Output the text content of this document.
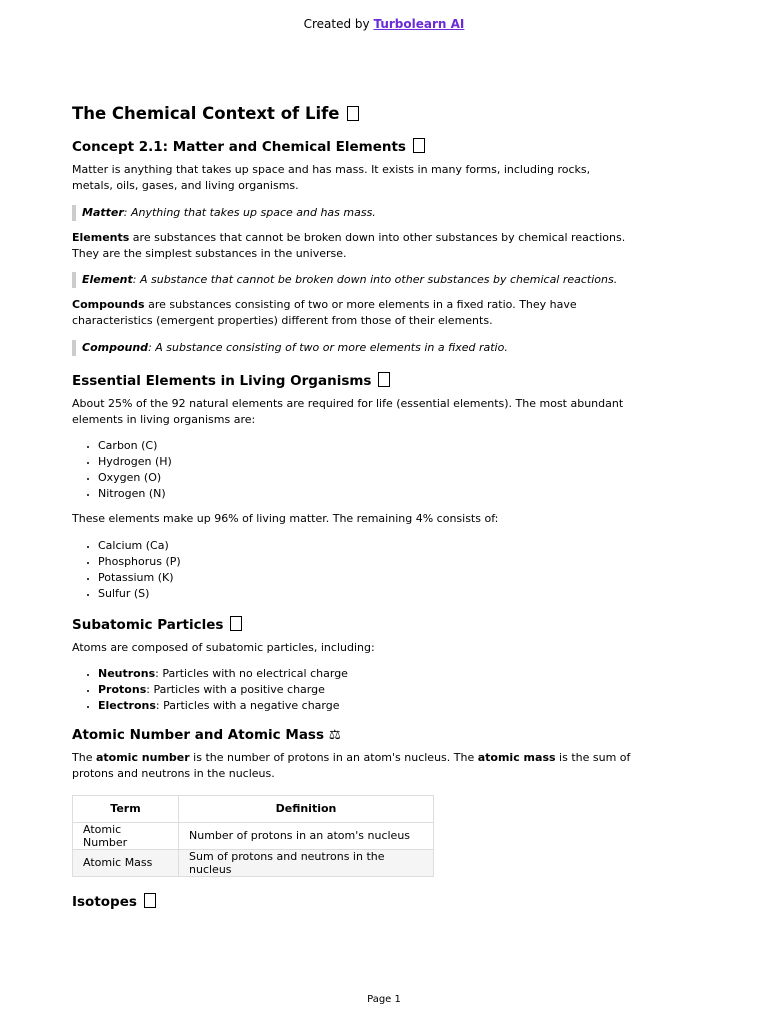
Created by Turbolearn AI
The Chemical Context of Life
Concept 2.1: Matter and Chemical Elements

Matter is anything that takes up space and has mass. It exists in many forms, including rocks, metals, oils, gases, and living organisms.

Matter: Anything that takes up space and has mass.

Elements are substances that cannot be broken down into other substances by chemical reactions. They are the simplest substances in the universe.

Element: A substance that cannot be broken down into other substances by chemical reactions.

Compounds are substances consisting of two or more elements in a fixed ratio. They have characteristics (emergent properties) different from those of their elements.

Compound: A substance consisting of two or more elements in a fixed ratio.
Essential Elements in Living Organisms

About 25% of the 92 natural elements are required for life (essential elements). The most abundant elements in living organisms are:

• Carbon (C)
• Hydrogen (H)
• Oxygen (O)
• Nitrogen (N)

These elements make up 96% of living matter. The remaining 4% consists of:

• Calcium (Ca)
• Phosphorus (P)
• Potassium (K)
• Sulfur (S)
Subatomic Particles

Atoms are composed of subatomic particles, including:

• Neutrons: Particles with no electrical charge
• Protons: Particles with a positive charge
• Electrons: Particles with a negative charge
Atomic Number and Atomic Mass ⚖

The atomic number is the number of protons in an atom's nucleus. The atomic mass is the sum of protons and neutrons in the nucleus.

Term	Definition
Atomic Number	Number of protons in an atom's nucleus
Atomic Mass	Sum of protons and neutrons in the nucleus
Isotopes
Page 1
